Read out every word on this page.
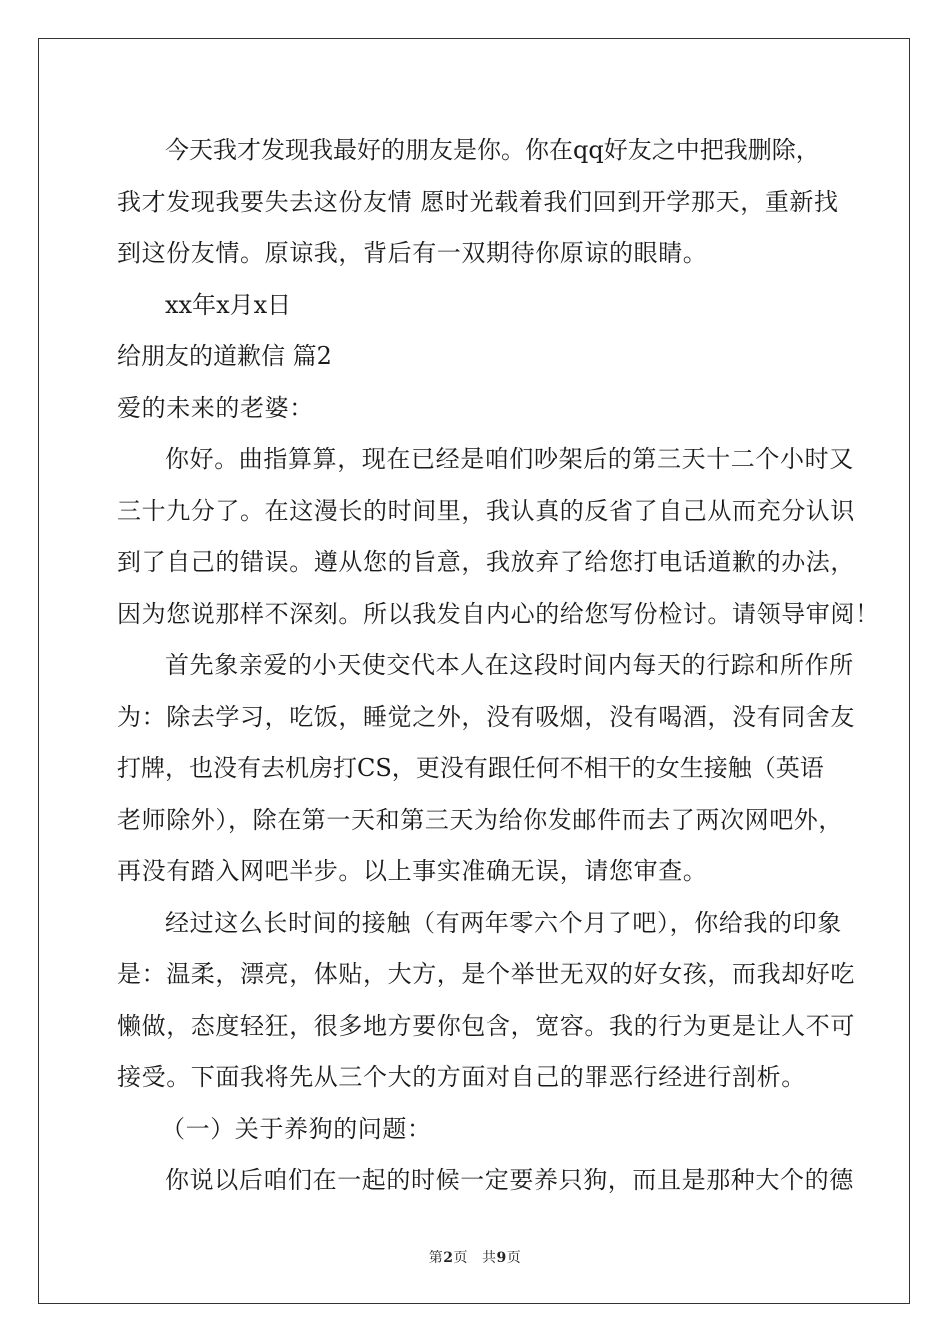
今天我才发现我最好的朋友是你。你在qq好友之中把我删除，
我才发现我要失去这份友情 愿时光载着我们回到开学那天，重新找
到这份友情。原谅我，背后有一双期待你原谅的眼睛。
xx年x月x日
给朋友的道歉信 篇2
爱的未来的老婆：
你好。曲指算算，现在已经是咱们吵架后的第三天十二个小时又
三十九分了。在这漫长的时间里，我认真的反省了自己从而充分认识
到了自己的错误。遵从您的旨意，我放弃了给您打电话道歉的办法，
因为您说那样不深刻。所以我发自内心的给您写份检讨。请领导审阅！
首先象亲爱的小天使交代本人在这段时间内每天的行踪和所作所
为：除去学习，吃饭，睡觉之外，没有吸烟，没有喝酒，没有同舍友
打牌，也没有去机房打CS，更没有跟任何不相干的女生接触（英语
老师除外），除在第一天和第三天为给你发邮件而去了两次网吧外，
再没有踏入网吧半步。以上事实准确无误，请您审查。
经过这么长时间的接触（有两年零六个月了吧），你给我的印象
是：温柔，漂亮，体贴，大方，是个举世无双的好女孩，而我却好吃
懒做，态度轻狂，很多地方要你包含，宽容。我的行为更是让人不可
接受。下面我将先从三个大的方面对自己的罪恶行经进行剖析。
（一）关于养狗的问题：
你说以后咱们在一起的时候一定要养只狗，而且是那种大个的德
第2页 共9页
